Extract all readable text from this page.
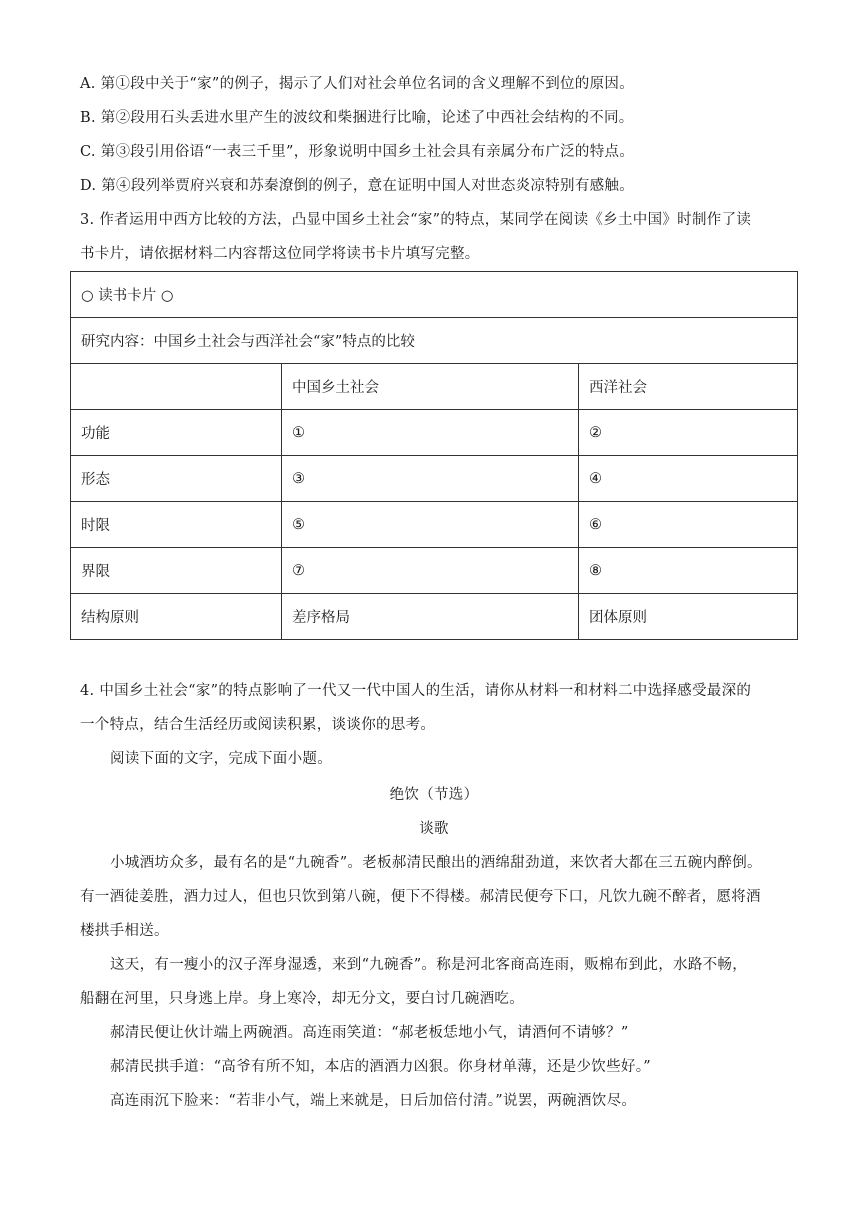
A. 第①段中关于“家”的例子，揭示了人们对社会单位名词的含义理解不到位的原因。
B. 第②段用石头丢进水里产生的波纹和柴捆进行比喻，论述了中西社会结构的不同。
C. 第③段引用俗语“一表三千里”，形象说明中国乡土社会具有亲属分布广泛的特点。
D. 第④段列举贾府兴衰和苏秦潦倒的例子，意在证明中国人对世态炎凉特别有感触。
3. 作者运用中西方比较的方法，凸显中国乡土社会“家”的特点，某同学在阅读《乡土中国》时制作了读
书卡片，请依据材料二内容帮这位同学将读书卡片填写完整。
○ 读书卡片 ○		
研究内容：中国乡土社会与西洋社会“家”特点的比较		
	中国乡土社会	西洋社会
功能	①	②
形态	③	④
时限	⑤	⑥
界限	⑦	⑧
结构原则	差序格局	团体原则
4. 中国乡土社会“家”的特点影响了一代又一代中国人的生活，请你从材料一和材料二中选择感受最深的
一个特点，结合生活经历或阅读积累，谈谈你的思考。
阅读下面的文字，完成下面小题。
绝饮（节选）
谈歌
小城酒坊众多，最有名的是“九碗香”。老板郝清民酿出的酒绵甜劲道，来饮者大都在三五碗内醉倒。
有一酒徒姜胜，酒力过人，但也只饮到第八碗，便下不得楼。郝清民便夸下口，凡饮九碗不醉者，愿将酒
楼拱手相送。
这天，有一瘦小的汉子浑身湿透，来到“九碗香”。称是河北客商高连雨，贩棉布到此，水路不畅，
船翻在河里，只身逃上岸。身上寒冷，却无分文，要白讨几碗酒吃。
郝清民便让伙计端上两碗酒。高连雨笑道：“郝老板恁地小气，请酒何不请够？”
郝清民拱手道：“高爷有所不知，本店的酒酒力凶狠。你身材单薄，还是少饮些好。”
高连雨沉下脸来：“若非小气，端上来就是，日后加倍付清。”说罢，两碗酒饮尽。
